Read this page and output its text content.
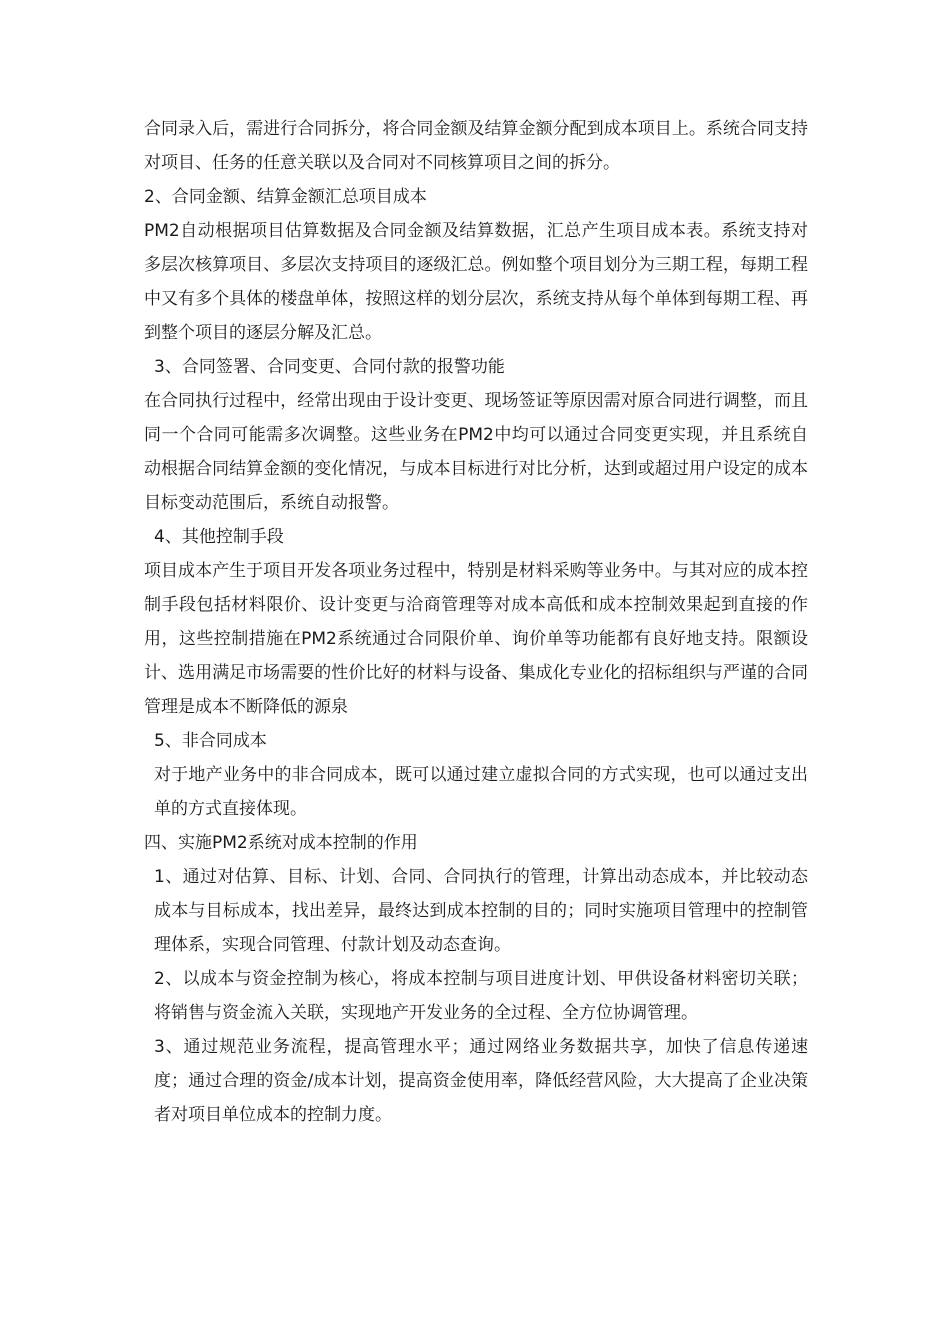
合同录入后，需进行合同拆分，将合同金额及结算金额分配到成本项目上。系统合同支持对项目、任务的任意关联以及合同对不同核算项目之间的拆分。

2、合同金额、结算金额汇总项目成本

PM2自动根据项目估算数据及合同金额及结算数据，汇总产生项目成本表。系统支持对多层次核算项目、多层次支持项目的逐级汇总。例如整个项目划分为三期工程，每期工程中又有多个具体的楼盘单体，按照这样的划分层次，系统支持从每个单体到每期工程、再到整个项目的逐层分解及汇总。

3、合同签署、合同变更、合同付款的报警功能

在合同执行过程中，经常出现由于设计变更、现场签证等原因需对原合同进行调整，而且同一个合同可能需多次调整。这些业务在PM2中均可以通过合同变更实现，并且系统自动根据合同结算金额的变化情况，与成本目标进行对比分析，达到或超过用户设定的成本目标变动范围后，系统自动报警。

4、其他控制手段

项目成本产生于项目开发各项业务过程中，特别是材料采购等业务中。与其对应的成本控制手段包括材料限价、设计变更与洽商管理等对成本高低和成本控制效果起到直接的作用，这些控制措施在PM2系统通过合同限价单、询价单等功能都有良好地支持。限额设计、选用满足市场需要的性价比好的材料与设备、集成化专业化的招标组织与严谨的合同管理是成本不断降低的源泉

5、非合同成本

对于地产业务中的非合同成本，既可以通过建立虚拟合同的方式实现，也可以通过支出单的方式直接体现。

四、实施PM2系统对成本控制的作用

1、通过对估算、目标、计划、合同、合同执行的管理，计算出动态成本，并比较动态成本与目标成本，找出差异，最终达到成本控制的目的；同时实施项目管理中的控制管理体系，实现合同管理、付款计划及动态查询。

2、以成本与资金控制为核心，将成本控制与项目进度计划、甲供设备材料密切关联；将销售与资金流入关联，实现地产开发业务的全过程、全方位协调管理。

3、通过规范业务流程，提高管理水平；通过网络业务数据共享，加快了信息传递速度；通过合理的资金/成本计划，提高资金使用率，降低经营风险，大大提高了企业决策者对项目单位成本的控制力度。
